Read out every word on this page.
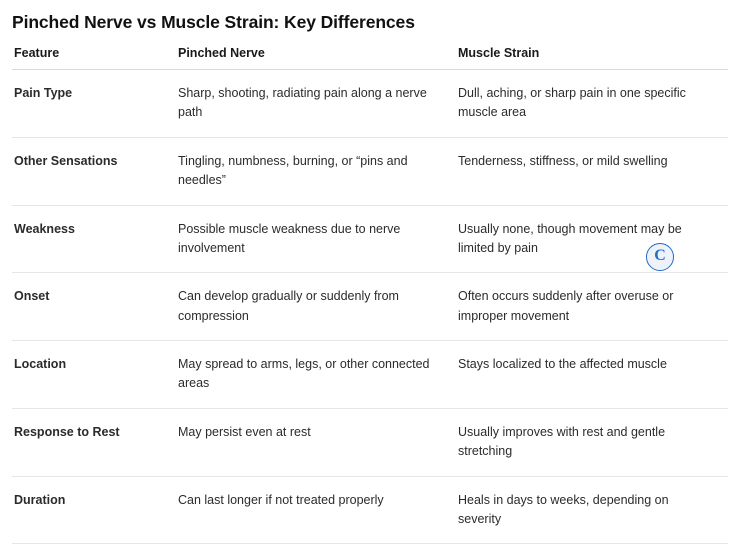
Pinched Nerve vs Muscle Strain: Key Differences
Feature	Pinched Nerve	Muscle Strain
Pain Type	Sharp, shooting, radiating pain along a nerve path	Dull, aching, or sharp pain in one specific muscle area
Other Sensations	Tingling, numbness, burning, or “pins and needles”	Tenderness, stiffness, or mild swelling
Weakness	Possible muscle weakness due to nerve involvement	Usually none, though movement may be limited by pain
Onset	Can develop gradually or suddenly from compression	Often occurs suddenly after overuse or improper movement
Location	May spread to arms, legs, or other connected areas	Stays localized to the affected muscle
Response to Rest	May persist even at rest	Usually improves with rest and gentle stretching
Duration	Can last longer if not treated properly	Heals in days to weeks, depending on severity
C
